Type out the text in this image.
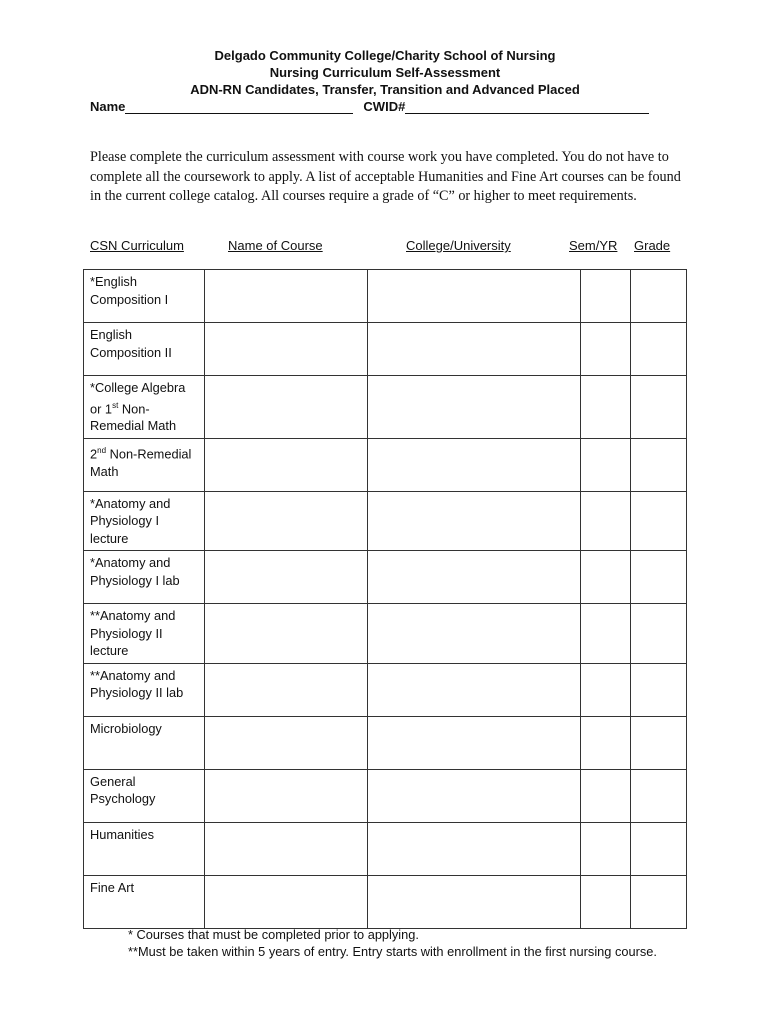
Delgado Community College/Charity School of Nursing
Nursing Curriculum Self-Assessment
ADN-RN Candidates, Transfer, Transition and Advanced Placed
Name	CWID#
Please complete the curriculum assessment with course work you have completed. You do not have to complete all the coursework to apply. A list of acceptable Humanities and Fine Art courses can be found in the current college catalog. All courses require a grade of “C” or higher to meet requirements.
CSN Curriculum	Name of Course	College/University	Sem/YR Grade
*English Composition I				
English Composition II				
*College Algebra or 1st Non-Remedial Math				
2nd Non-Remedial Math				
*Anatomy and Physiology I lecture				
*Anatomy and Physiology I lab				
**Anatomy and Physiology II lecture				
**Anatomy and Physiology II lab				
Microbiology				
General Psychology				
Humanities				
Fine Art				
* Courses that must be completed prior to applying.
**Must be taken within 5 years of entry. Entry starts with enrollment in the first nursing course.
